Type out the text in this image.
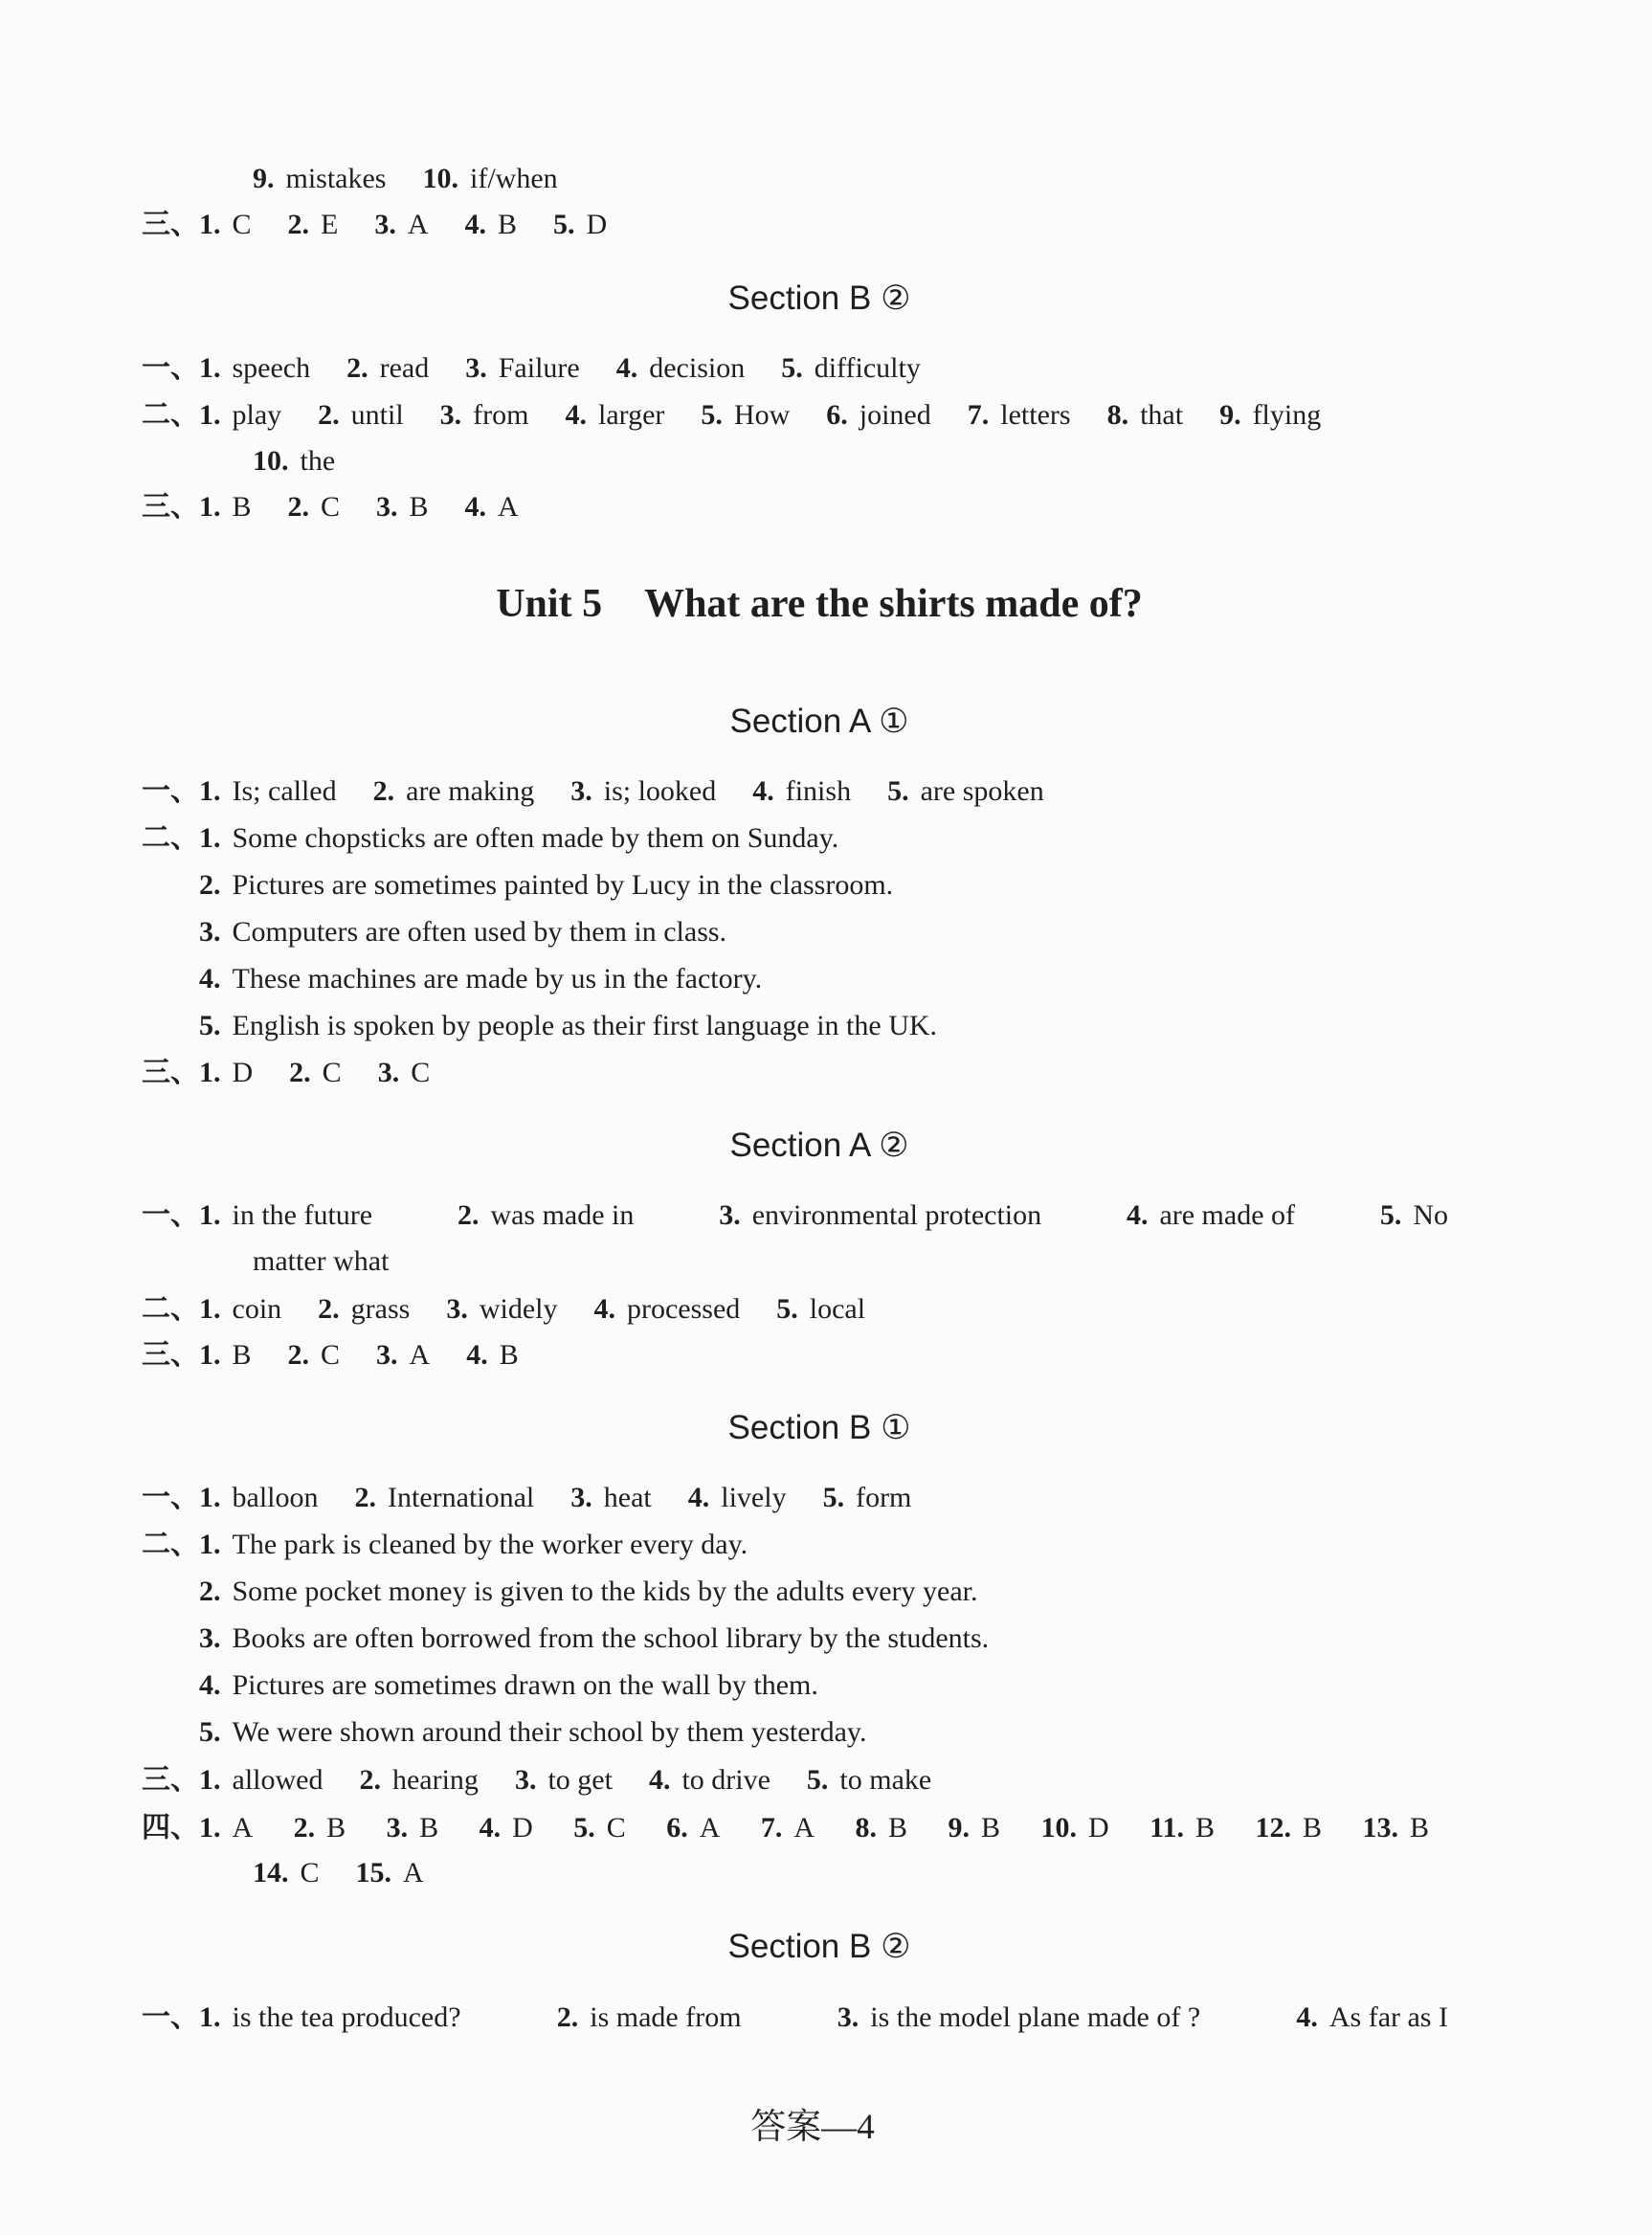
9. mistakes 10. if/when
三、 1. C 2. E 3. A 4. B 5. D
Section B ②
一、 1. speech 2. read 3. Failure 4. decision 5. difficulty
二、 1. play 2. until 3. from 4. larger 5. How 6. joined 7. letters 8. that 9. flying
10. the
三、 1. B 2. C 3. B 4. A
Unit 5 What are the shirts made of?
Section A ①
一、 1. Is; called 2. are making 3. is; looked 4. finish 5. are spoken
二、 1. Some chopsticks are often made by them on Sunday.
2. Pictures are sometimes painted by Lucy in the classroom.
3. Computers are often used by them in class.
4. These machines are made by us in the factory.
5. English is spoken by people as their first language in the UK.
三、 1. D 2. C 3. C
Section A ②
一、 1. in the future	2. was made in	3. environmental protection	4. are made of	5. No
matter what
二、 1. coin 2. grass 3. widely 4. processed 5. local
三、 1. B 2. C 3. A 4. B
Section B ①
一、 1. balloon 2. International 3. heat 4. lively 5. form
二、 1. The park is cleaned by the worker every day.
2. Some pocket money is given to the kids by the adults every year.
3. Books are often borrowed from the school library by the students.
4. Pictures are sometimes drawn on the wall by them.
5. We were shown around their school by them yesterday.
三、 1. allowed 2. hearing 3. to get 4. to drive 5. to make
四、 1. A 2. B 3. B 4. D 5. C 6. A 7. A 8. B 9. B 10. D 11. B 12. B 13. B
14. C 15. A
Section B ②
一、 1. is the tea produced?	2. is made from	3. is the model plane made of ?	4. As far as I
答案—4
